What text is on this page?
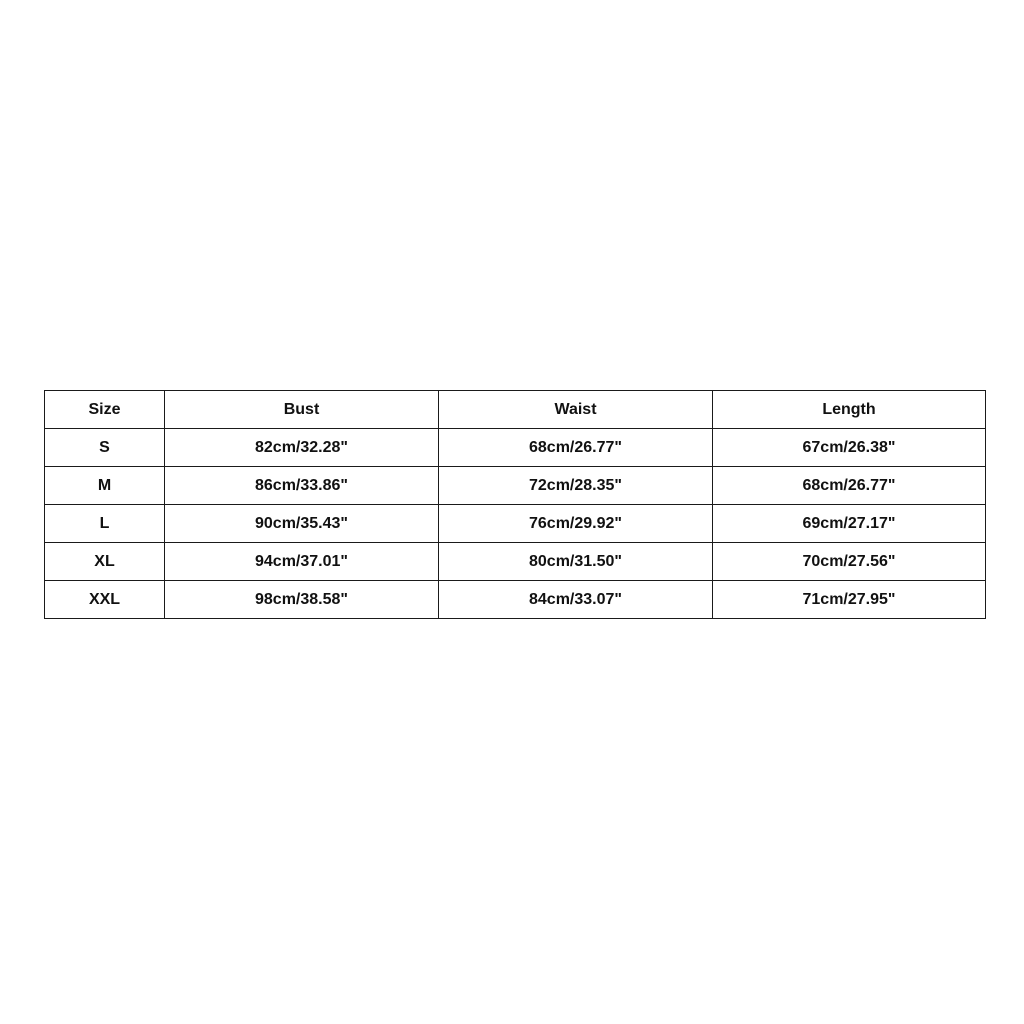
Size	Bust	Waist	Length
S	82cm/32.28"	68cm/26.77"	67cm/26.38"
M	86cm/33.86"	72cm/28.35"	68cm/26.77"
L	90cm/35.43"	76cm/29.92"	69cm/27.17"
XL	94cm/37.01"	80cm/31.50"	70cm/27.56"
XXL	98cm/38.58"	84cm/33.07"	71cm/27.95"
